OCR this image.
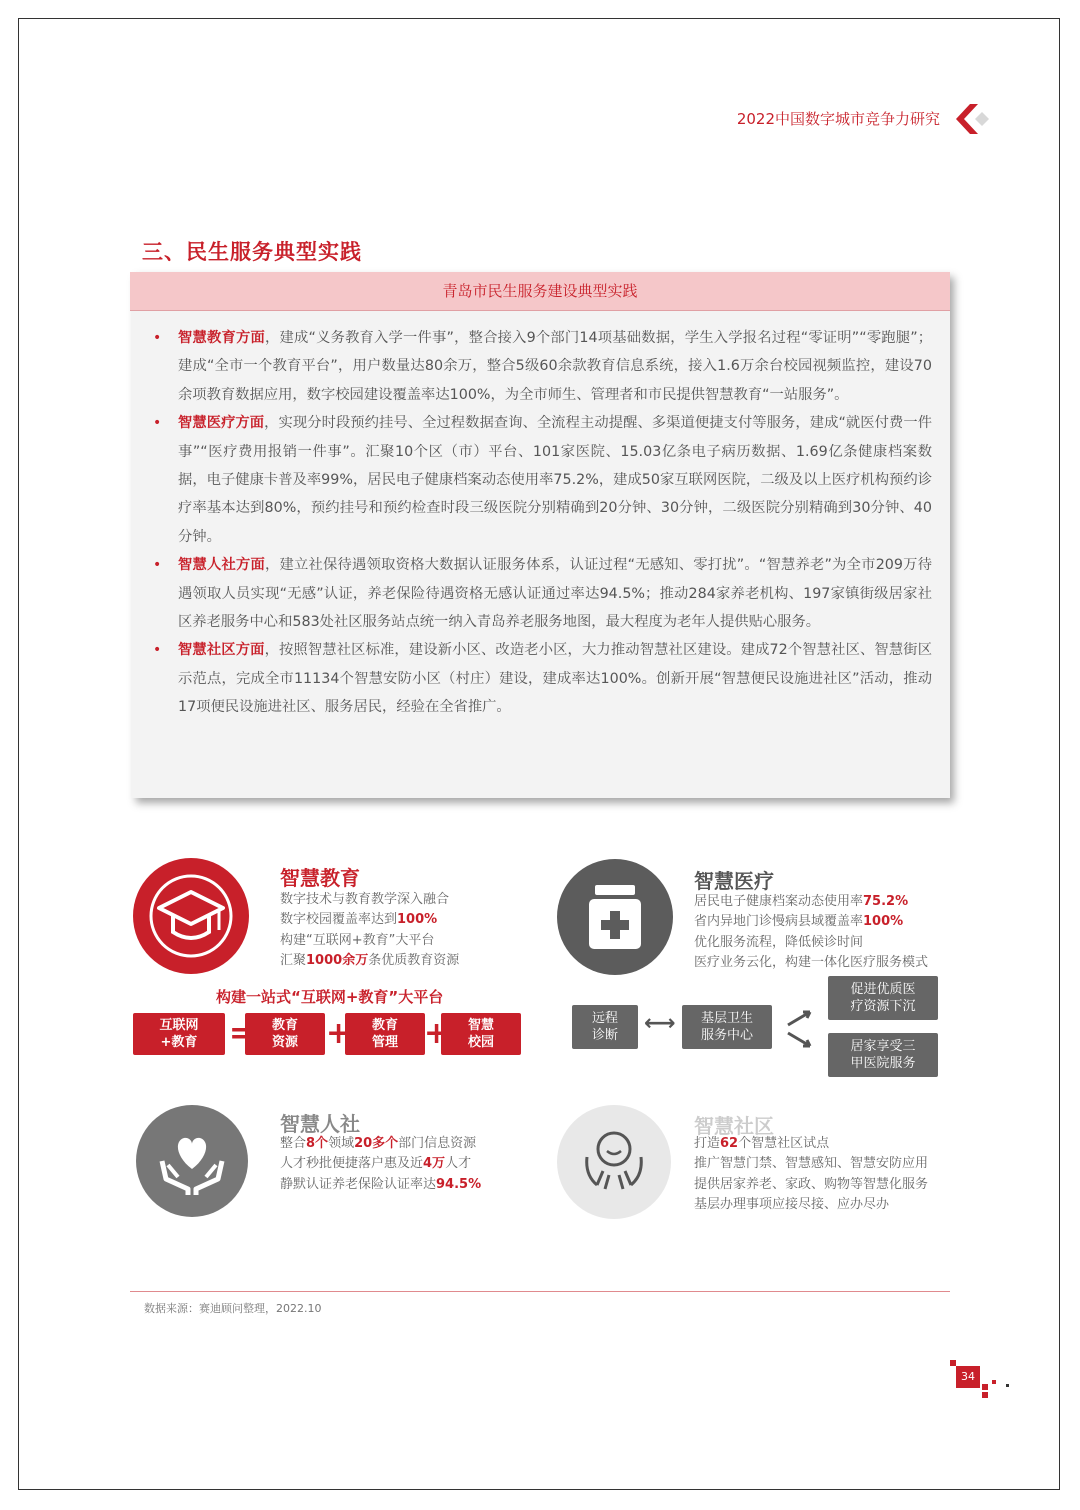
2022中国数字城市竞争力研究
三、民生服务典型实践
青岛市民生服务建设典型实践
• 智慧教育方面，建成“义务教育入学一件事”，整合接入9个部门14项基础数据，学生入学报名过程“零证明”“零跑腿”；建成“全市一个教育平台”，用户数量达80余万，整合5级60余款教育信息系统，接入1.6万余台校园视频监控，建设70余项教育数据应用，数字校园建设覆盖率达100%，为全市师生、管理者和市民提供智慧教育“一站服务”。
• 智慧医疗方面，实现分时段预约挂号、全过程数据查询、全流程主动提醒、多渠道便捷支付等服务，建成“就医付费一件事”“医疗费用报销一件事”。汇聚10个区（市）平台、101家医院、15.03亿条电子病历数据、1.69亿条健康档案数据，电子健康卡普及率99%，居民电子健康档案动态使用率75.2%，建成50家互联网医院，二级及以上医疗机构预约诊疗率基本达到80%，预约挂号和预约检查时段三级医院分别精确到20分钟、30分钟，二级医院分别精确到30分钟、40分钟。
• 智慧人社方面，建立社保待遇领取资格大数据认证服务体系，认证过程“无感知、零打扰”。“智慧养老”为全市209万待遇领取人员实现“无感”认证，养老保险待遇资格无感认证通过率达94.5%；推动284家养老机构、197家镇街级居家社区养老服务中心和583处社区服务站点统一纳入青岛养老服务地图，最大程度为老年人提供贴心服务。
• 智慧社区方面，按照智慧社区标准，建设新小区、改造老小区，大力推动智慧社区建设。建成72个智慧社区、智慧街区示范点，完成全市11134个智慧安防小区（村庄）建设，建成率达100%。创新开展“智慧便民设施进社区”活动，推动17项便民设施进社区、服务居民，经验在全省推广。
智慧教育
数字技术与教育教学深入融合
数字校园覆盖率达到100%
构建“互联网+教育”大平台
汇聚1000余万条优质教育资源
构建一站式“互联网+教育”大平台
互联网
+教育
教育
资源
教育
管理
智慧
校园
= + +
智慧医疗
居民电子健康档案动态使用率75.2%
省内异地门诊慢病县域覆盖率100%
优化服务流程，降低候诊时间
医疗业务云化，构建一体化医疗服务模式
远程
诊断	⟷	基层卫生
服务中心
促进优质医
疗资源下沉
居家享受三
甲医院服务
智慧人社
整合8个领域20多个部门信息资源
人才秒批便捷落户惠及近4万人才
静默认证养老保险认证率达94.5%
智慧社区
打造62个智慧社区试点
推广智慧门禁、智慧感知、智慧安防应用
提供居家养老、家政、购物等智慧化服务
基层办理事项应接尽接、应办尽办
数据来源：赛迪顾问整理，2022.10
34
